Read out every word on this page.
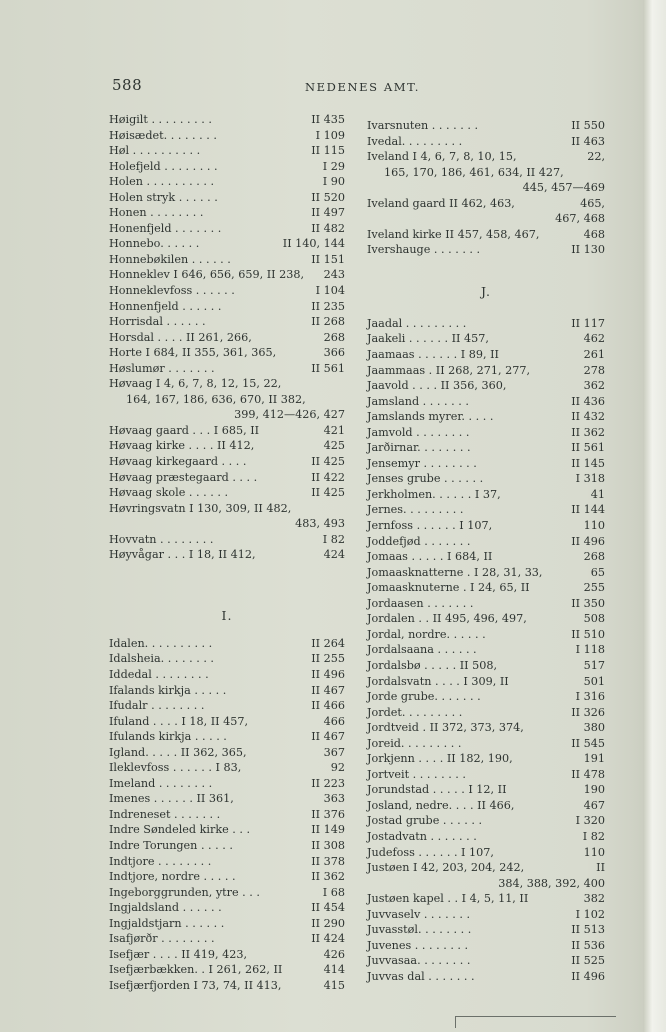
588	NEDENES AMT.
Høigilt . . . . . . . . .	II 435
Høisædet. . . . . . . .	I 109
Høl . . . . . . . . . .	II 115
Holefjeld . . . . . . . .	I 29
Holen . . . . . . . . . .	I 90
Holen stryk . . . . . .	II 520
Honen . . . . . . . .	II 497
Honenfjeld . . . . . . .	II 482
Honnebo. . . . . .	II 140, 144
Honnebøkilen . . . . . .	II 151
Honneklev I 646, 656, 659, II 238, 243
Honneklevfoss . . . . . .	I 104
Honnenfjeld . . . . . .	II 235
Horrisdal . . . . . .	II 268
Horsdal . . . . II 261, 266,	268
Horte I 684, II 355, 361, 365,	366
Høslumør . . . . . . .	II 561
Høvaag I 4, 6, 7, 8, 12, 15, 22,
164, 167, 186, 636, 670, II 382,
399, 412—426, 427
Høvaag gaard . . . I 685, II	421
Høvaag kirke . . . . II 412,	425
Høvaag kirkegaard . . . .	II 425
Høvaag præstegaard . . . .	II 422
Høvaag skole . . . . . .	II 425
Høvringsvatn I 130, 309, II 482,
483, 493
Hovvatn . . . . . . . .	I 82
Høyvågar . . . I 18, II 412,	424
I.
Idalen. . . . . . . . . .	II 264
Idalsheia. . . . . . . .	II 255
Iddedal . . . . . . . .	II 496
Ifalands kirkja . . . . .	II 467
Ifudalr . . . . . . . .	II 466
Ifuland . . . . I 18, II 457,	466
Ifulands kirkja . . . . .	II 467
Igland. . . . . II 362, 365,	367
Ileklevfoss . . . . . . I 83,	92
Imeland . . . . . . . .	II 223
Imenes . . . . . . II 361,	363
Indreneset . . . . . . .	II 376
Indre Søndeled kirke . . .	II 149
Indre Torungen . . . . .	II 308
Indtjore . . . . . . . .	II 378
Indtjore, nordre . . . . .	II 362
Ingeborggrunden, ytre . . .	I 68
Ingjaldsland . . . . . .	II 454
Ingjaldstjarn . . . . . .	II 290
Isafjørðr . . . . . . . .	II 424
Isefjær . . . . II 419, 423,	426
Isefjærbækken. . I 261, 262, II	414
Isefjærfjorden I 73, 74, II 413,	415
Ivarsnuten . . . . . . .	II 550
Ivedal. . . . . . . . .	II 463
Iveland I 4, 6, 7, 8, 10, 15,	22,
165, 170, 186, 461, 634, II 427,
445, 457—469
Iveland gaard II 462, 463,	465,
467, 468
Iveland kirke II 457, 458, 467,	468
Ivershauge . . . . . . .	II 130
J.
Jaadal . . . . . . . . .	II 117
Jaakeli . . . . . . II 457,	462
Jaamaas . . . . . . I 89, II	261
Jaammaas . II 268, 271, 277,	278
Jaavold . . . . II 356, 360,	362
Jamsland . . . . . . .	II 436
Jamslands myrer. . . . .	II 432
Jamvold . . . . . . . .	II 362
Jarðirnar. . . . . . . .	II 561
Jensemyr . . . . . . . .	II 145
Jenses grube . . . . . .	I 318
Jerkholmen. . . . . . I 37,	41
Jernes. . . . . . . . .	II 144
Jernfoss . . . . . . I 107,	110
Joddefjød . . . . . . .	II 496
Jomaas . . . . . I 684, II	268
Jomaasknatterne . I 28, 31, 33,	65
Jomaasknuterne . I 24, 65, II	255
Jordaasen . . . . . . .	II 350
Jordalen . . II 495, 496, 497,	508
Jordal, nordre. . . . . .	II 510
Jordalsaana . . . . . .	I 118
Jordalsbø . . . . . II 508,	517
Jordalsvatn . . . . I 309, II	501
Jorde grube. . . . . . .	I 316
Jordet. . . . . . . . .	II 326
Jordtveid . II 372, 373, 374,	380
Joreid. . . . . . . . .	II 545
Jorkjenn . . . . II 182, 190,	191
Jortveit . . . . . . . .	II 478
Jorundstad . . . . . I 12, II	190
Josland, nedre. . . . II 466,	467
Jostad grube . . . . . .	I 320
Jostadvatn . . . . . . .	I 82
Judefoss . . . . . . I 107,	110
Justøen I 42, 203, 204, 242,	II
384, 388, 392, 400
Justøen kapel . . I 4, 5, 11, II	382
Juvvaselv . . . . . . .	I 102
Juvasstøl. . . . . . . .	II 513
Juvenes . . . . . . . .	II 536
Juvvasaa. . . . . . . .	II 525
Juvvas dal . . . . . . .	II 496
